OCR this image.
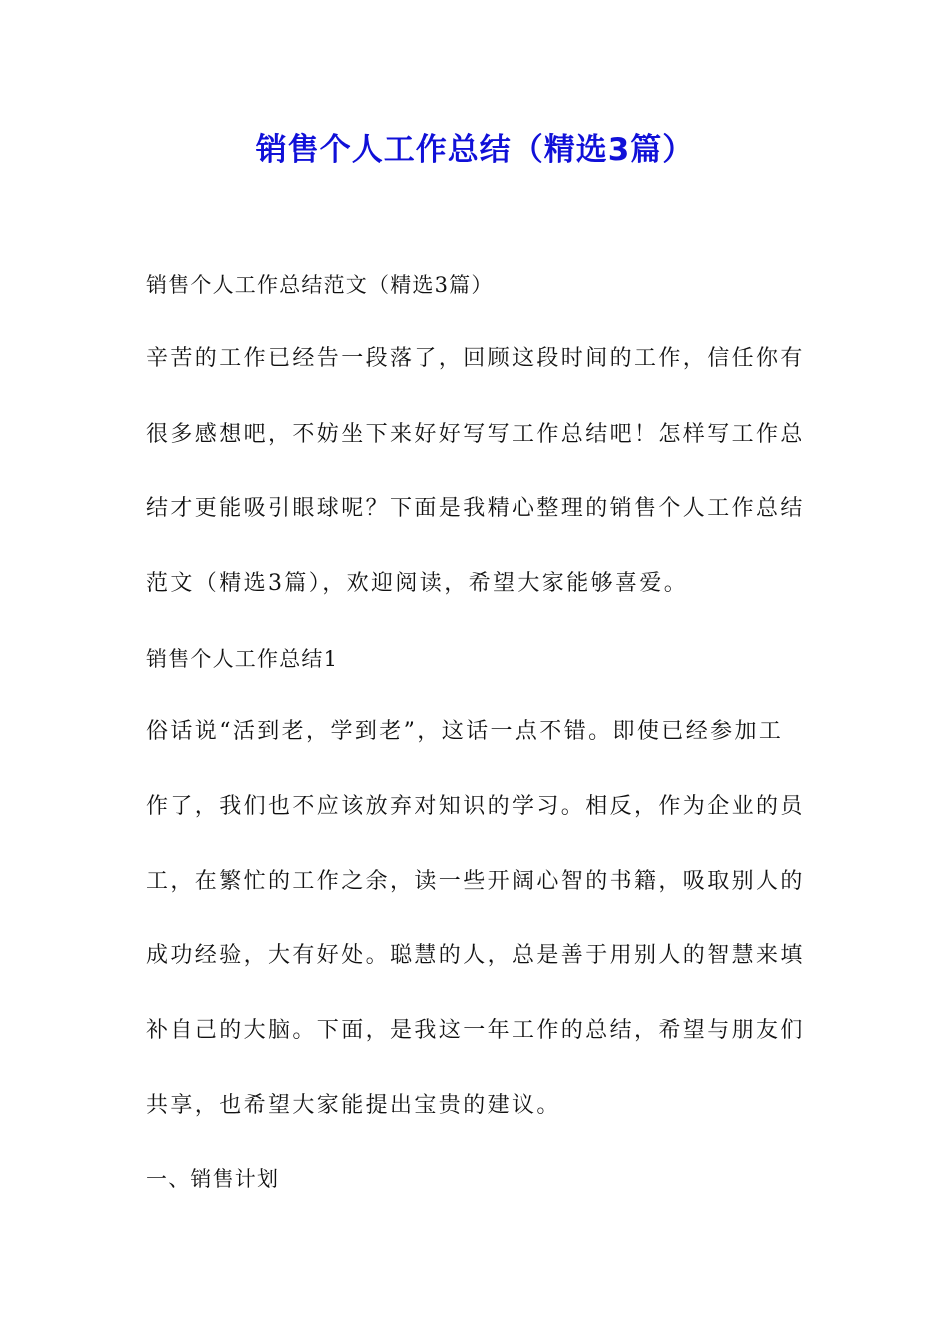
销售个人工作总结（精选3篇）

销售个人工作总结范文（精选3篇）

辛苦的工作已经告一段落了，回顾这段时间的工作，信任你有

很多感想吧，不妨坐下来好好写写工作总结吧！怎样写工作总

结才更能吸引眼球呢？下面是我精心整理的销售个人工作总结

范文（精选3篇），欢迎阅读，希望大家能够喜爱。

销售个人工作总结1

俗话说“活到老，学到老”，这话一点不错。即使已经参加工

作了，我们也不应该放弃对知识的学习。相反，作为企业的员

工，在繁忙的工作之余，读一些开阔心智的书籍，吸取别人的

成功经验，大有好处。聪慧的人，总是善于用别人的智慧来填

补自己的大脑。下面，是我这一年工作的总结，希望与朋友们

共享，也希望大家能提出宝贵的建议。

一、销售计划
